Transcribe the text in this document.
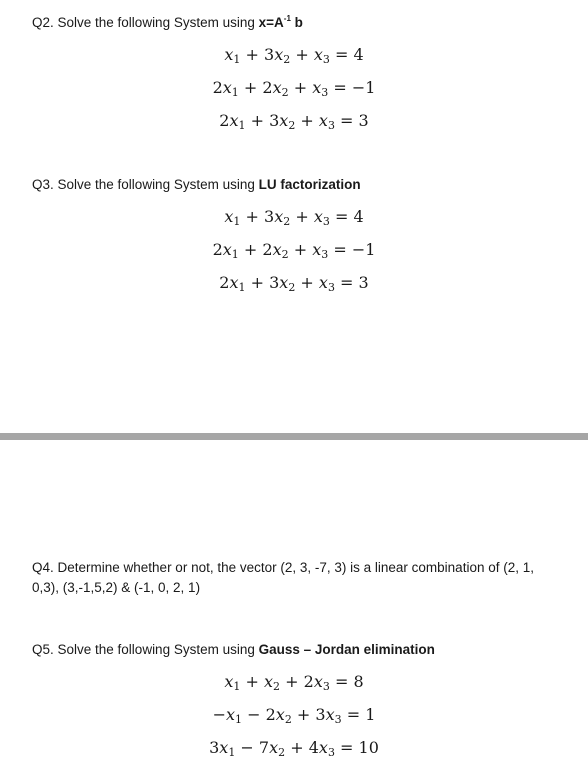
Q2. Solve the following System using $x=A^{-1}$ b
$x_1 + 3x_2 + x_3 = 4$
$2x_1 + 2x_2 + x_3 = -1$
$2x_1 + 3x_2 + x_3 = 3$
Q3. Solve the following System using LU factorization
$x_1 + 3x_2 + x_3 = 4$
$2x_1 + 2x_2 + x_3 = -1$
$2x_1 + 3x_2 + x_3 = 3$
Q4. Determine whether or not, the vector (2, 3, -7, 3) is a linear combination of (2, 1, 0,3), (3,-1,5,2) & (-1, 0, 2, 1)
Q5. Solve the following System using Gauss – Jordan elimination
$x_1 + x_2 + 2x_3 = 8$
$-x_1 - 2x_2 + 3x_3 = 1$
$3x_1 - 7x_2 + 4x_3 = 10$
